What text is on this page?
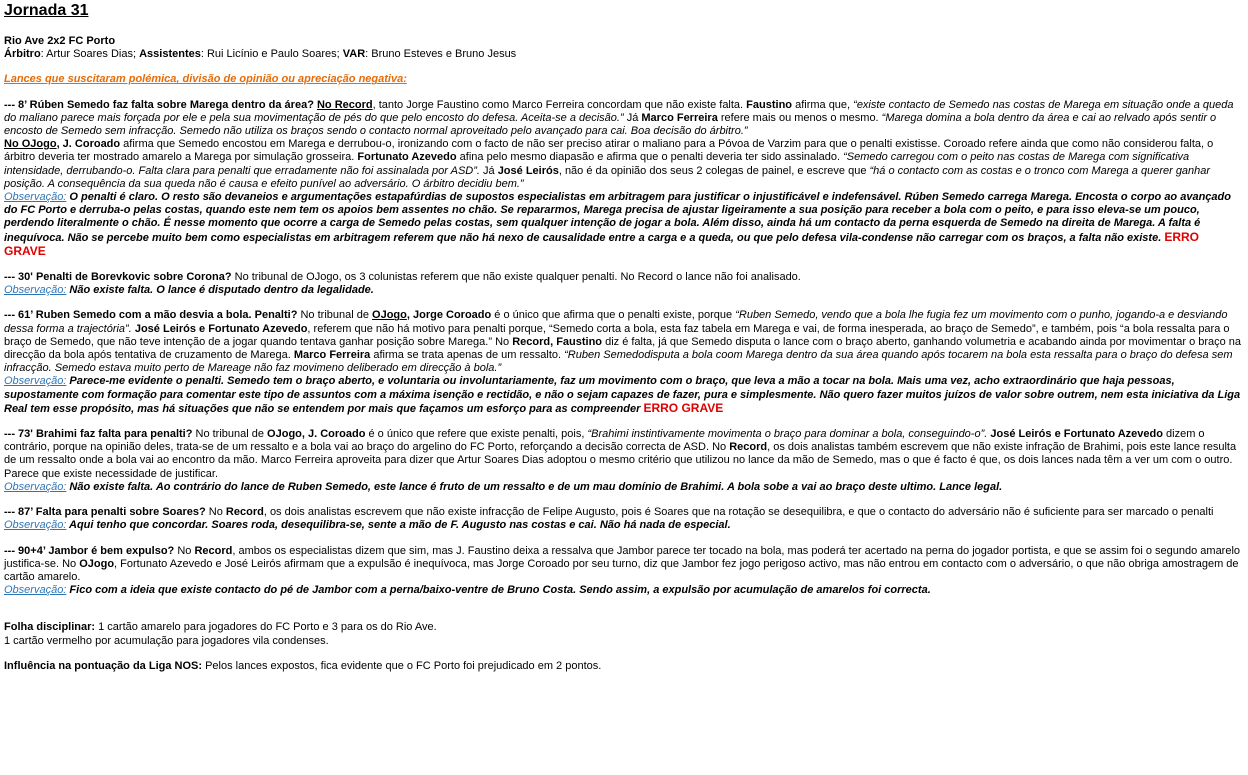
Jornada 31

Rio Ave 2x2 FC Porto

Árbitro: Artur Soares Dias; Assistentes: Rui Licínio e Paulo Soares; VAR: Bruno Esteves e Bruno Jesus

Lances que suscitaram polémica, divisão de opinião ou apreciação negativa:

--- 8’ Rúben Semedo faz falta sobre Marega dentro da área? No Record, tanto Jorge Faustino como Marco Ferreira concordam que não existe falta. Faustino afirma que, “existe contacto de Semedo nas costas de Marega em situação onde a queda do maliano parece mais forçada por ele e pela sua movimentação de pés do que pelo encosto do defesa. Aceita-se a decisão.” Já Marco Ferreira refere mais ou menos o mesmo. “Marega domina a bola dentro da área e cai ao relvado após sentir o encosto de Semedo sem infracção. Semedo não utiliza os braços sendo o contacto normal aproveitado pelo avançado para cai. Boa decisão do árbitro.”

No OJogo, J. Coroado afirma que Semedo encostou em Marega e derrubou-o, ironizando com o facto de não ser preciso atirar o maliano para a Póvoa de Varzim para que o penalti existisse. Coroado refere ainda que como não considerou falta, o árbitro deveria ter mostrado amarelo a Marega por simulação grosseira. Fortunato Azevedo afina pelo mesmo diapasão e afirma que o penalti deveria ter sido assinalado. “Semedo carregou com o peito nas costas de Marega com significativa intensidade, derrubando-o. Falta clara para penalti que erradamente não foi assinalada por ASD”. Já José Leirós, não é da opinião dos seus 2 colegas de painel, e escreve que “há o contacto com as costas e o tronco com Marega a querer ganhar posição. A consequência da sua queda não é causa e efeito punível ao adversário. O árbitro decidiu bem.”

Observação: O penalti é claro. O resto são devaneios e argumentações estapafúrdias de supostos especialistas em arbitragem para justificar o injustificável e indefensável. Rúben Semedo carrega Marega. Encosta o corpo ao avançado do FC Porto e derruba-o pelas costas, quando este nem tem os apoios bem assentes no chão. Se repararmos, Marega precisa de ajustar ligeiramente a sua posição para receber a bola com o peito, e para isso eleva-se um pouco, perdendo literalmente o chão. É nesse momento que ocorre a carga de Semedo pelas costas, sem qualquer intenção de jogar a bola. Além disso, ainda há um contacto da perna esquerda de Semedo na direita de Marega. A falta é inequívoca. Não se percebe muito bem como especialistas em arbitragem referem que não há nexo de causalidade entre a carga e a queda, ou que pelo defesa vila-condense não carregar com os braços, a falta não existe. ERRO GRAVE

--- 30' Penalti de Borevkovic sobre Corona? No tribunal de OJogo, os 3 colunistas referem que não existe qualquer penalti. No Record o lance não foi analisado.

Observação: Não existe falta. O lance é disputado dentro da legalidade.

--- 61’ Ruben Semedo com a mão desvia a bola. Penalti? No tribunal de OJogo, Jorge Coroado é o único que afirma que o penalti existe, porque “Ruben Semedo, vendo que a bola lhe fugia fez um movimento com o punho, jogando-a e desviando dessa forma a trajectória”. José Leirós e Fortunato Azevedo, referem que não há motivo para penalti porque, “Semedo corta a bola, esta faz tabela em Marega e vai, de forma inesperada, ao braço de Semedo”, e também, pois “a bola ressalta para o braço de Semedo, que não teve intenção de a jogar quando tentava ganhar posição sobre Marega.” No Record, Faustino diz é falta, já que Semedo disputa o lance com o braço aberto, ganhando volumetria e acabando ainda por movimentar o braço na direcção da bola após tentativa de cruzamento de Marega. Marco Ferreira afirma se trata apenas de um ressalto. “Ruben Semedodisputa a bola coom Marega dentro da sua área quando após tocarem na bola esta ressalta para o braço do defesa sem infracção. Semedo estava muito perto de Mareage não faz movimeno deliberado em direcção à bola.”

Observação: Parece-me evidente o penalti. Semedo tem o braço aberto, e voluntaria ou involuntariamente, faz um movimento com o braço, que leva a mão a tocar na bola. Mais uma vez, acho extraordinário que haja pessoas, supostamente com formação para comentar este tipo de assuntos com a máxima isenção e rectidão, e não o sejam capazes de fazer, pura e simplesmente. Não quero fazer muitos juízos de valor sobre outrem, nem esta iniciativa da Liga Real tem esse propósito, mas há situações que não se entendem por mais que façamos um esforço para as compreender ERRO GRAVE

--- 73' Brahimi faz falta para penalti? No tribunal de OJogo, J. Coroado é o único que refere que existe penalti, pois, “Brahimi instintivamente movimenta o braço para dominar a bola, conseguindo-o”. José Leirós e Fortunato Azevedo dizem o contrário, porque na opinião deles, trata-se de um ressalto e a bola vai ao braço do argelino do FC Porto, reforçando a decisão correcta de ASD. No Record, os dois analistas também escrevem que não existe infração de Brahimi, pois este lance resulta de um ressalto onde a bola vai ao encontro da mão. Marco Ferreira aproveita para dizer que Artur Soares Dias adoptou o mesmo critério que utilizou no lance da mão de Semedo, mas o que é facto é que, os dois lances nada têm a ver um com o outro. Parece que existe necessidade de justificar.

Observação: Não existe falta. Ao contrário do lance de Ruben Semedo, este lance é fruto de um ressalto e de um mau domínio de Brahimi. A bola sobe a vai ao braço deste ultimo. Lance legal.

--- 87’ Falta para penalti sobre Soares? No Record, os dois analistas escrevem que não existe infracção de Felipe Augusto, pois é Soares que na rotação se desequilibra, e que o contacto do adversário não é suficiente para ser marcado o penalti

Observação: Aqui tenho que concordar. Soares roda, desequilibra-se, sente a mão de F. Augusto nas costas e cai. Não há nada de especial.

--- 90+4’ Jambor é bem expulso? No Record, ambos os especialistas dizem que sim, mas J. Faustino deixa a ressalva que Jambor parece ter tocado na bola, mas poderá ter acertado na perna do jogador portista, e que se assim foi o segundo amarelo justifica-se. No OJogo, Fortunato Azevedo e José Leirós afirmam que a expulsão é inequívoca, mas Jorge Coroado por seu turno, diz que Jambor fez jogo perigoso activo, mas não entrou em contacto com o adversário, o que não obriga amostragem de cartão amarelo.

Observação: Fico com a ideia que existe contacto do pé de Jambor com a perna/baixo-ventre de Bruno Costa. Sendo assim, a expulsão por acumulação de amarelos foi correcta.

Folha disciplinar: 1 cartão amarelo para jogadores do FC Porto e 3 para os do Rio Ave.

1 cartão vermelho por acumulação para jogadores vila condenses.

Influência na pontuação da Liga NOS: Pelos lances expostos, fica evidente que o FC Porto foi prejudicado em 2 pontos.
